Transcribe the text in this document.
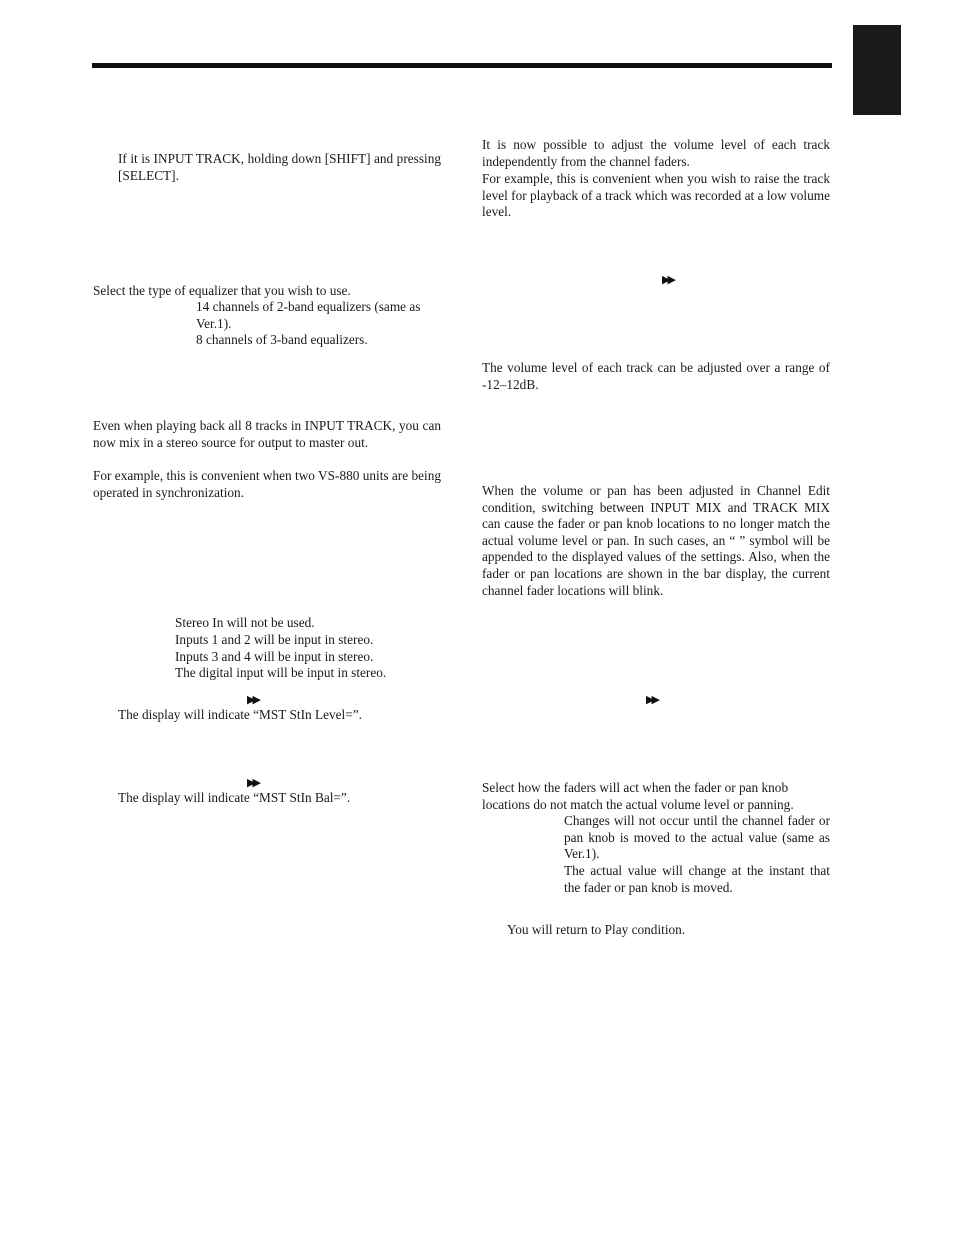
If it is INPUT TRACK, holding down [SHIFT] and pressing [SELECT].

Select the type of equalizer that you wish to use.

14 channels of 2-band equalizers (same as Ver.1).

8 channels of 3-band equalizers.

Even when playing back all 8 tracks in INPUT TRACK, you can now mix in a stereo source for output to master out.

For example, this is convenient when two VS-880 units are being operated in synchronization.

Stereo In will not be used.

Inputs 1 and 2 will be input in stereo.

Inputs 3 and 4 will be input in stereo.

The digital input will be input in stereo.

▶▶

The display will indicate “MST StIn Level=”.

▶▶

The display will indicate “MST StIn Bal=”.

It is now possible to adjust the volume level of each track independently from the channel faders.

For example, this is convenient when you wish to raise the track level for playback of a track which was recorded at a low volume level.

▶▶

The volume level of each track can be adjusted over a range of -12–12dB.

When the volume or pan has been adjusted in Channel Edit condition, switching between INPUT MIX and TRACK MIX can cause the fader or pan knob locations to no longer match the actual volume level or pan. In such cases, an “ ” symbol will be appended to the displayed values of the settings. Also, when the fader or pan locations are shown in the bar display, the current channel fader locations will blink.

▶▶

Select how the faders will act when the fader or pan knob locations do not match the actual volume level or panning.

Changes will not occur until the channel fader or pan knob is moved to the actual value (same as Ver.1).

The actual value will change at the instant that the fader or pan knob is moved.

You will return to Play condition.
